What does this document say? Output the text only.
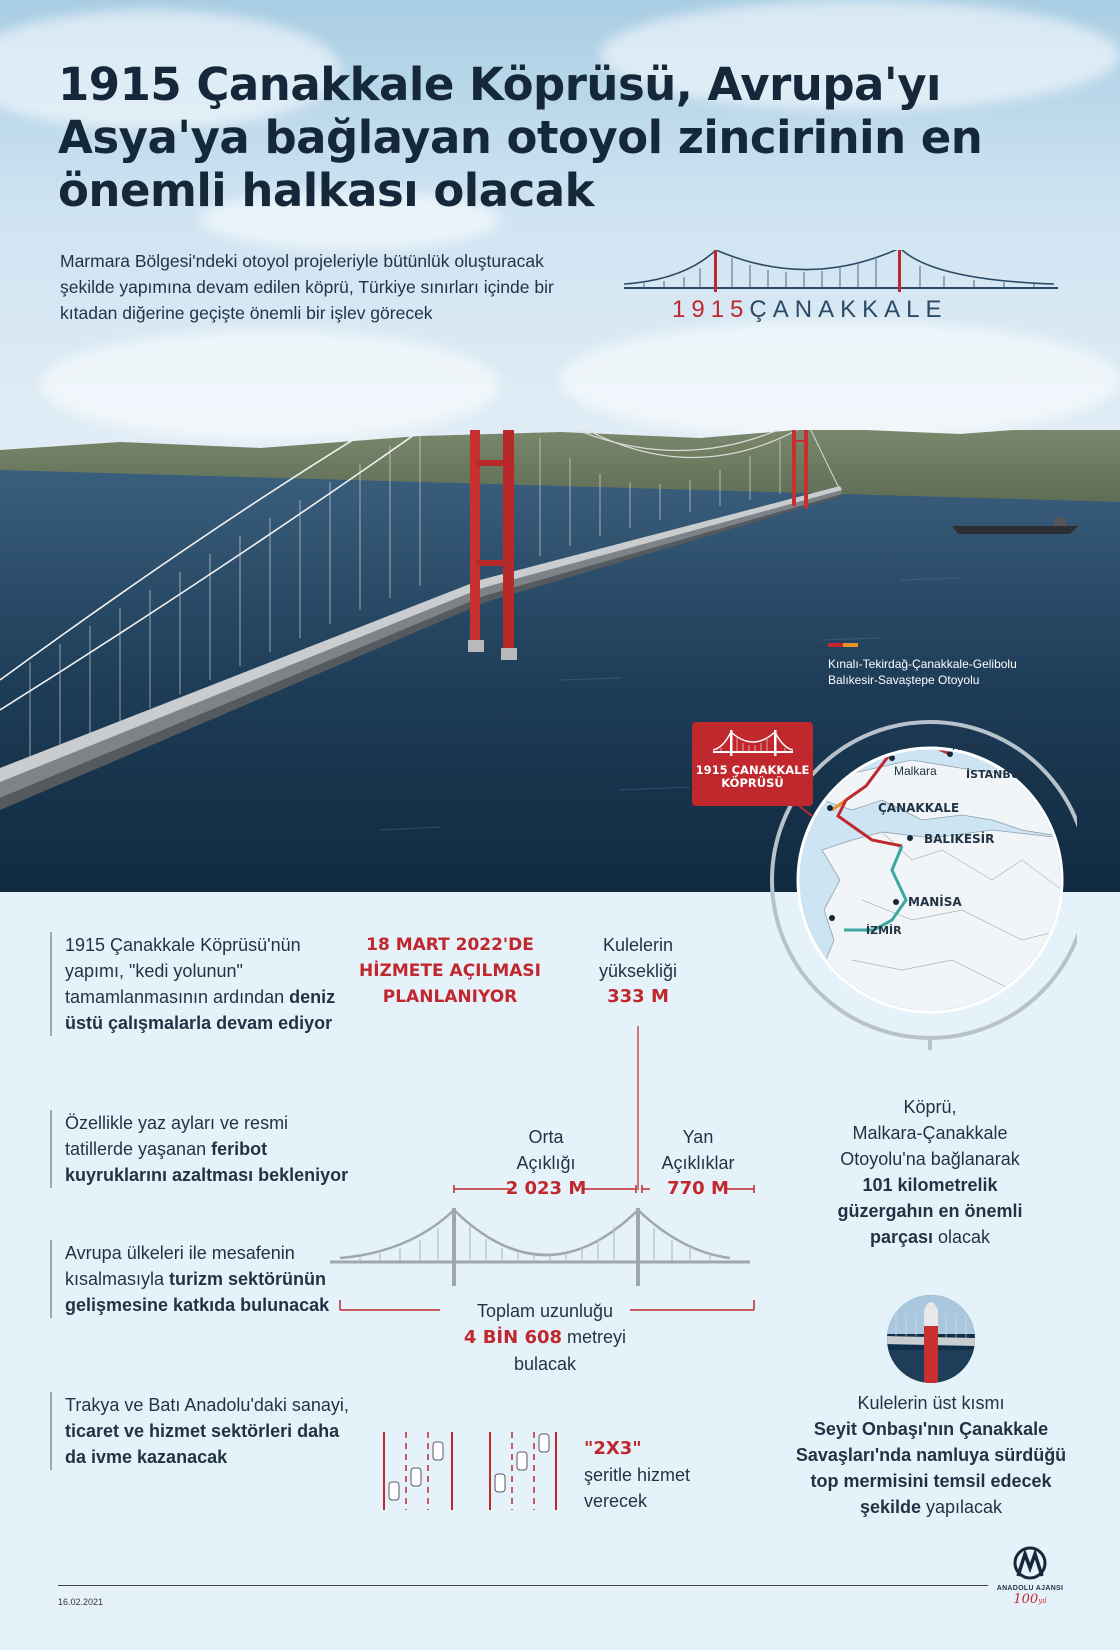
1915 Çanakkale Köprüsü, Avrupa'yı Asya'ya bağlayan otoyol zincirinin en önemli halkası olacak
Marmara Bölgesi'ndeki otoyol projeleriyle bütünlük oluşturacak şekilde yapımına devam edilen köprü, Türkiye sınırları içinde bir kıtadan diğerine geçişte önemli bir işlev görecek	1915ÇANAKKALE
Kınalı-Tekirdağ-Çanakkale-Gelibolu
Balıkesir-Savaştepe Otoyolu
Kınalı
Malkara	İSTANBUL
ÇANAKKALE
BALIKESİR
MANİSA
İZMİR
1915 ÇANAKKALE
KÖPRÜSÜ
1915 Çanakkale Köprüsü'nün yapımı, "kedi yolunun" tamamlanmasının ardından deniz üstü çalışmalarla devam ediyor
Özellikle yaz ayları ve resmi tatillerde yaşanan feribot kuyruklarını azaltması bekleniyor
Avrupa ülkeleri ile mesafenin kısalmasıyla turizm sektörünün gelişmesine katkıda bulunacak
Trakya ve Batı Anadolu'daki sanayi, ticaret ve hizmet sektörleri daha da ivme kazanacak
18 MART 2022'DE
HİZMETE AÇILMASI
PLANLANIYOR
Kulelerin
yüksekliği
333 M
Orta
Açıklığı
2 023 M
Yan
Açıklıklar
770 M
Toplam uzunluğu
4 BİN 608 metreyi
bulacak
"2X3"
şeritle hizmet
verecek
Köprü,
Malkara-Çanakkale
Otoyolu'na bağlanarak
101 kilometrelik
güzergahın en önemli
parçası olacak
Kulelerin üst kısmı
Seyit Onbaşı'nın Çanakkale
Savaşları'nda namluya sürdüğü
top mermisini temsil edecek
şekilde yapılacak
16.02.2021
ANADOLU AJANSI
100yıl
